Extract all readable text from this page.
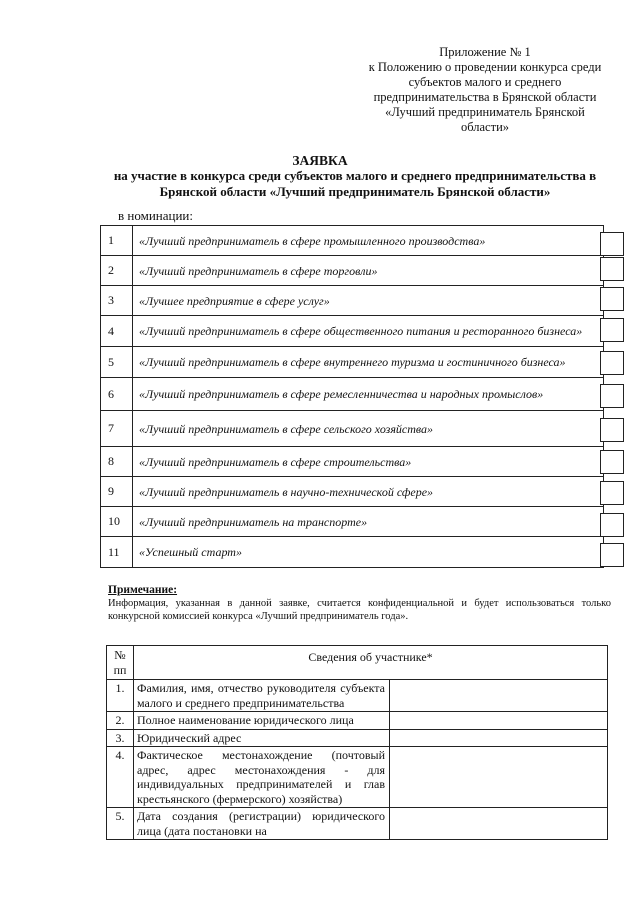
Приложение № 1
к Положению о проведении конкурса среди
субъектов малого и среднего
предпринимательства в Брянской области
«Лучший предприниматель Брянской
области»
ЗАЯВКА
на участие в конкурса среди субъектов малого и среднего предпринимательства в Брянской области «Лучший предприниматель Брянской области»
в номинации:
1	«Лучший предприниматель в сфере промышленного производства»
2	«Лучший предприниматель в сфере торговли»
3	«Лучшее предприятие в сфере услуг»
4	«Лучший предприниматель в сфере общественного питания и ресторанного бизнеса»
5	«Лучший предприниматель в сфере внутреннего туризма и гостиничного бизнеса»
6	«Лучший предприниматель в сфере ремесленничества и народных промыслов»
7	«Лучший предприниматель в сфере сельского хозяйства»
8	«Лучший предприниматель в сфере строительства»
9	«Лучший предприниматель в научно-технической сфере»
10	«Лучший предприниматель на транспорте»
11	«Успешный старт»
Примечание:
Информация, указанная в данной заявке, считается конфиденциальной и будет использоваться только конкурсной комиссией конкурса «Лучший предприниматель года».
№ пп	Сведения об участнике*	
1.	Фамилия, имя, отчество руководителя субъекта малого и среднего предпринимательства	
2.	Полное наименование юридического лица	
3.	Юридический адрес	
4.	Фактическое местонахождение (почтовый адрес, адрес местонахождения - для индивидуальных предпринимателей и глав крестьянского (фермерского) хозяйства)	
5.	Дата создания (регистрации) юридического лица (дата постановки на	
